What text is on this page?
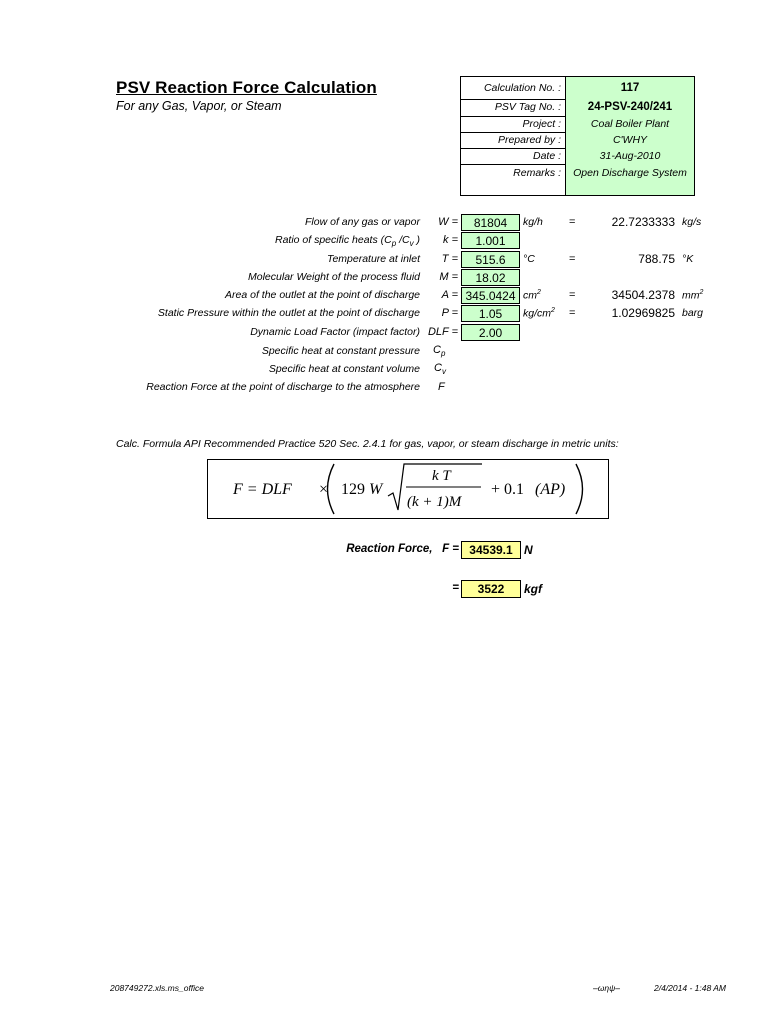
PSV Reaction Force Calculation
For any Gas, Vapor, or Steam
Calculation No. :	117
PSV Tag No. :	24-PSV-240/241
Project :	Coal Boiler Plant
Prepared by :	C'WHY
Date :	31-Aug-2010
Remarks :	Open Discharge System
Flow of any gas or vapor	W =	81804	kg/h =	22.7233333 kg/s
Ratio of specific heats ($C_p$ $/C_v$ )	k =	1.001
Temperature at inlet	T =	515.6	°C	=	788.75 °K
Molecular Weight of the process fluid	M =	18.02
Area of the outlet at the point of discharge	A = 345.0424 $cm^2$	=	34504.2378 $mm^2$
Static Pressure within the outlet at the point of discharge	P =	1.05	$kg/cm^2$ =	1.02969825 barg
Dynamic Load Factor (impact factor) DLF =	2.00
Specific heat at constant pressure $C_p$
Specific heat at constant volume $C_v$
Reaction Force at the point of discharge to the atmosphere F
Calc. Formula API Recommended Practice 520 Sec. 2.4.1 for gas, vapor, or steam discharge in metric units:
F = DLF × 129 W
k T
(k + 1)M
+ 0.1 (AP)
Reaction Force, F = 34539.1 N
=	3522	kgf
208749272.xls.ms_office	–ωηψ–	2/4/2014 - 1:48 AM
